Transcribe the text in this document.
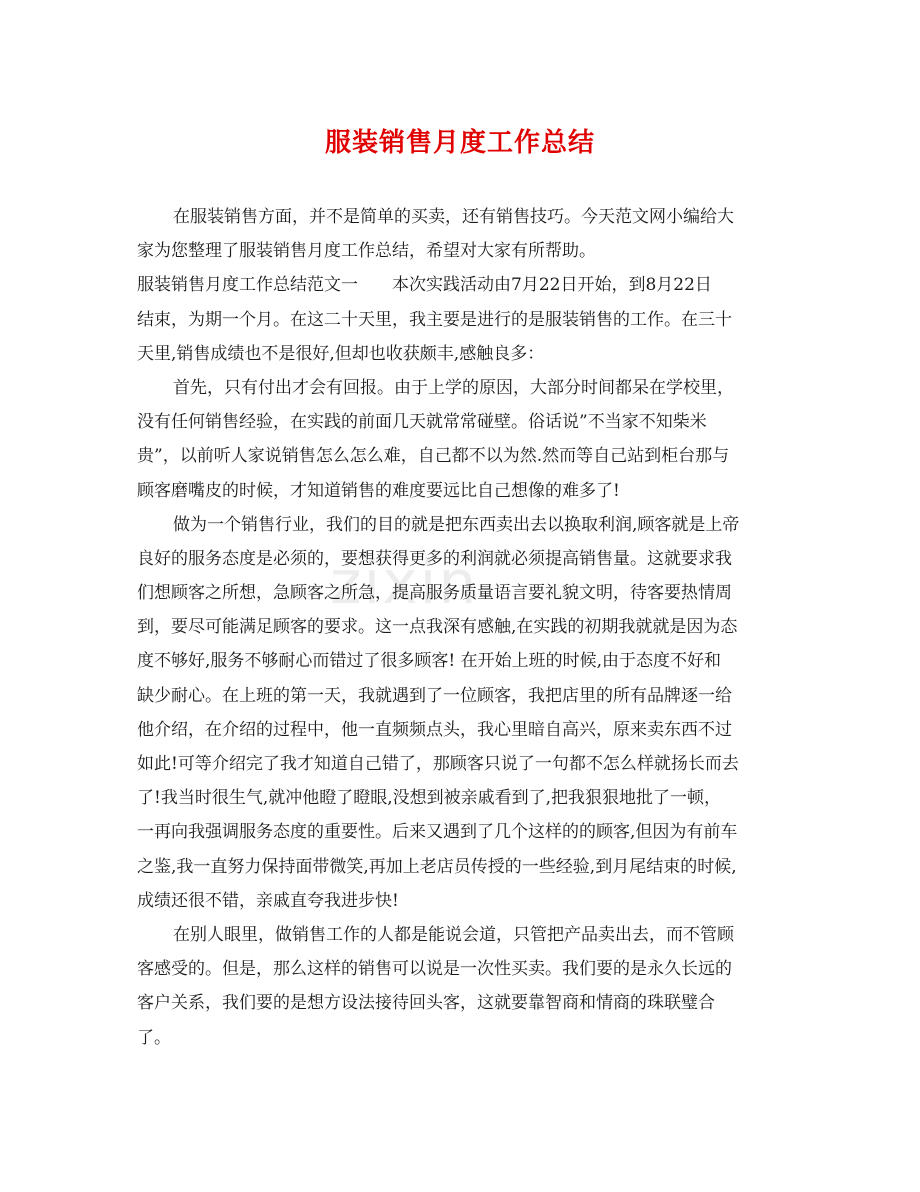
服装销售月度工作总结
zixin
在服装销售方面，并不是简单的买卖，还有销售技巧。今天范文网小编给大
家为您整理了服装销售月度工作总结，希望对大家有所帮助。
服装销售月度工作总结范文一　　本次实践活动由7月22日开始，到8月22日
结束，为期一个月。在这二十天里，我主要是进行的是服装销售的工作。在三十
天里,销售成绩也不是很好,但却也收获颇丰,感触良多：
首先，只有付出才会有回报。由于上学的原因，大部分时间都呆在学校里，
没有任何销售经验，在实践的前面几天就常常碰壁。俗话说”不当家不知柴米
贵”，以前听人家说销售怎么怎么难，自己都不以为然.然而等自己站到柜台那与
顾客磨嘴皮的时候，才知道销售的难度要远比自己想像的难多了!
做为一个销售行业，我们的目的就是把东西卖出去以换取利润,顾客就是上帝
良好的服务态度是必须的，要想获得更多的利润就必须提高销售量。这就要求我
们想顾客之所想，急顾客之所急，提高服务质量语言要礼貌文明，待客要热情周
到，要尽可能满足顾客的要求。这一点我深有感触,在实践的初期我就就是因为态
度不够好,服务不够耐心而错过了很多顾客! 在开始上班的时候,由于态度不好和
缺少耐心。在上班的第一天，我就遇到了一位顾客，我把店里的所有品牌逐一给
他介绍，在介绍的过程中，他一直频频点头，我心里暗自高兴，原来卖东西不过
如此!可等介绍完了我才知道自己错了，那顾客只说了一句都不怎么样就扬长而去
了!我当时很生气,就冲他瞪了瞪眼,没想到被亲戚看到了,把我狠狠地批了一顿，
一再向我强调服务态度的重要性。后来又遇到了几个这样的的顾客,但因为有前车
之鉴,我一直努力保持面带微笑,再加上老店员传授的一些经验,到月尾结束的时候,
成绩还很不错，亲戚直夸我进步快!
在别人眼里，做销售工作的人都是能说会道，只管把产品卖出去，而不管顾
客感受的。但是，那么这样的销售可以说是一次性买卖。我们要的是永久长远的
客户关系，我们要的是想方设法接待回头客，这就要靠智商和情商的珠联璧合
了。
